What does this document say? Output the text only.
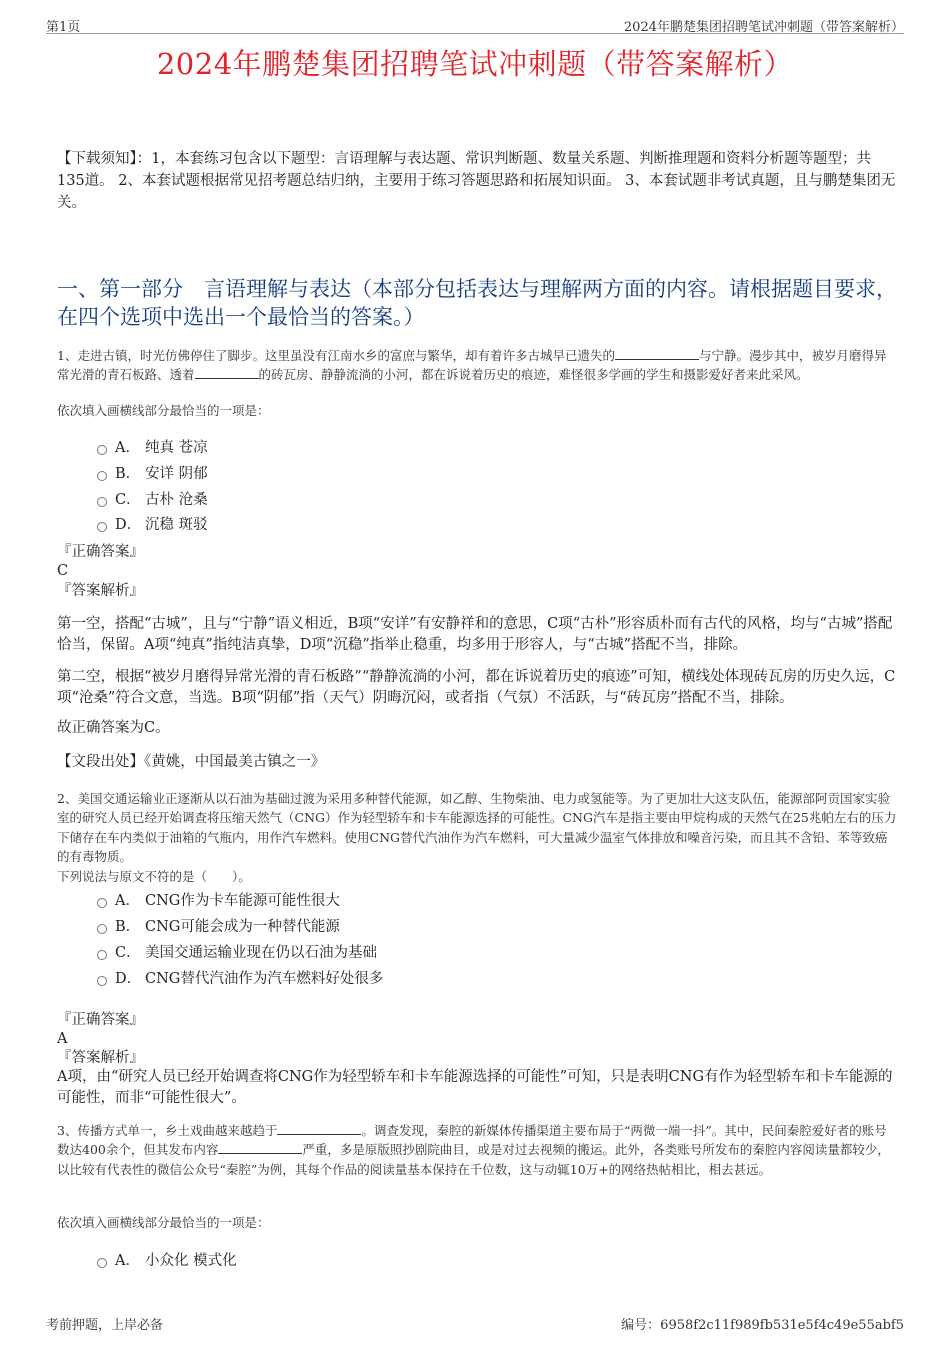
第1页	2024年鹏楚集团招聘笔试冲刺题（带答案解析）
2024年鹏楚集团招聘笔试冲刺题（带答案解析）
【下载须知】：1，本套练习包含以下题型：言语理解与表达题、常识判断题、数量关系题、判断推理题和资料分析题等题型；共135道。 2、本套试题根据常见招考题总结归纳，主要用于练习答题思路和拓展知识面。 3、本套试题非考试真题，且与鹏楚集团无关。
一、第一部分　言语理解与表达（本部分包括表达与理解两方面的内容。请根据题目要求，在四个选项中选出一个最恰当的答案。）
1、走进古镇，时光仿佛停住了脚步。这里虽没有江南水乡的富庶与繁华，却有着许多古城早已遗失的	与宁静。漫步其中，被岁月磨得异常光滑的青石板路、透着	的砖瓦房、静静流淌的小河，都在诉说着历史的痕迹，难怪很多学画的学生和摄影爱好者来此采风。
依次填入画横线部分最恰当的一项是：
A． 纯真 苍凉
B． 安详 阴郁
C． 古朴 沧桑
D． 沉稳 斑驳
『正确答案』
C
『答案解析』
第一空，搭配“古城”，且与“宁静”语义相近，B项“安详”有安静祥和的意思，C项“古朴”形容质朴而有古代的风格，均与“古城”搭配恰当，保留。A项“纯真”指纯洁真挚，D项“沉稳”指举止稳重，均多用于形容人，与“古城”搭配不当，排除。
第二空，根据“被岁月磨得异常光滑的青石板路”“静静流淌的小河，都在诉说着历史的痕迹”可知，横线处体现砖瓦房的历史久远，C项“沧桑”符合文意，当选。B项“阴郁”指（天气）阴晦沉闷，或者指（气氛）不活跃，与“砖瓦房”搭配不当，排除。
故正确答案为C。
【文段出处】《黄姚，中国最美古镇之一》
2、美国交通运输业正逐渐从以石油为基础过渡为采用多种替代能源，如乙醇、生物柴油、电力或氢能等。为了更加壮大这支队伍，能源部阿贡国家实验室的研究人员已经开始调查将压缩天然气（CNG）作为轻型轿车和卡车能源选择的可能性。CNG汽车是指主要由甲烷构成的天然气在25兆帕左右的压力下储存在车内类似于油箱的气瓶内，用作汽车燃料。使用CNG替代汽油作为汽车燃料，可大量减少温室气体排放和噪音污染，而且其不含铅、苯等致癌的有毒物质。
下列说法与原文不符的是（　　）。
A． CNG作为卡车能源可能性很大
B． CNG可能会成为一种替代能源
C． 美国交通运输业现在仍以石油为基础
D． CNG替代汽油作为汽车燃料好处很多
『正确答案』
A
『答案解析』
A项，由“研究人员已经开始调查将CNG作为轻型轿车和卡车能源选择的可能性”可知，只是表明CNG有作为轻型轿车和卡车能源的可能性，而非“可能性很大”。
3、传播方式单一，乡土戏曲越来越趋于	。调查发现，秦腔的新媒体传播渠道主要布局于“两微一端一抖”。其中，民间秦腔爱好者的账号数达400余个，但其发布内容	严重，多是原版照抄剧院曲目，或是对过去视频的搬运。此外，各类账号所发布的秦腔内容阅读量都较少，以比较有代表性的微信公众号“秦腔”为例，其每个作品的阅读量基本保持在千位数，这与动辄10万+的网络热帖相比，相去甚远。
依次填入画横线部分最恰当的一项是：
A． 小众化 模式化
考前押题，上岸必备	编号：6958f2c11f989fb531e5f4c49e55abf5
